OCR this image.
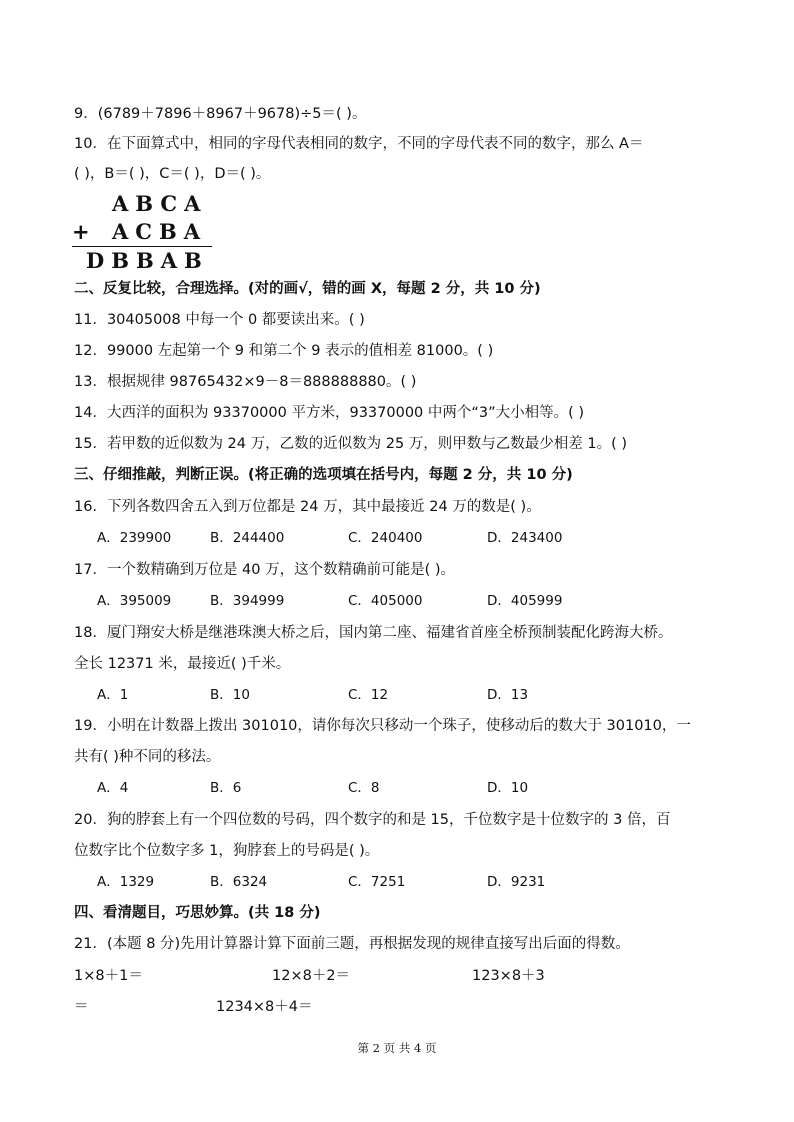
9．(6789＋7896＋8967＋9678)÷5＝( )。
10．在下面算式中，相同的字母代表相同的数字，不同的字母代表不同的数字，那么 A＝
( )，B＝( )，C＝( )，D＝( )。
ABCA
+ ACBA
DBBAB
二、反复比较，合理选择。(对的画√，错的画 X，每题 2 分，共 10 分)
11．30405008 中每一个 0 都要读出来。( )
12．99000 左起第一个 9 和第二个 9 表示的值相差 81000。( )
13．根据规律 98765432×9－8＝888888880。( )
14．大西洋的面积为 93370000 平方米，93370000 中两个“3”大小相等。( )
15．若甲数的近似数为 24 万，乙数的近似数为 25 万，则甲数与乙数最少相差 1。( )
三、仔细推敲，判断正误。(将正确的选项填在括号内，每题 2 分，共 10 分)
16．下列各数四舍五入到万位都是 24 万，其中最接近 24 万的数是( )。
A．239900	B．244400	C．240400	D．243400
17．一个数精确到万位是 40 万，这个数精确前可能是( )。
A．395009	B．394999	C．405000	D．405999
18．厦门翔安大桥是继港珠澳大桥之后，国内第二座、福建省首座全桥预制装配化跨海大桥。
全长 12371 米，最接近( )千米。
A．1	B．10	C．12	D．13
19．小明在计数器上拨出 301010，请你每次只移动一个珠子，使移动后的数大于 301010，一
共有( )种不同的移法。
A．4	B．6	C．8	D．10
20．狗的脖套上有一个四位数的号码，四个数字的和是 15，千位数字是十位数字的 3 倍，百
位数字比个位数字多 1，狗脖套上的号码是( )。
A．1329	B．6324	C．7251	D．9231
四、看清题目，巧思妙算。(共 18 分)
21．(本题 8 分)先用计算器计算下面前三题，再根据发现的规律直接写出后面的得数。
1×8＋1＝	12×8＋2＝	123×8＋3
＝	1234×8＋4＝
第 2 页 共 4 页
